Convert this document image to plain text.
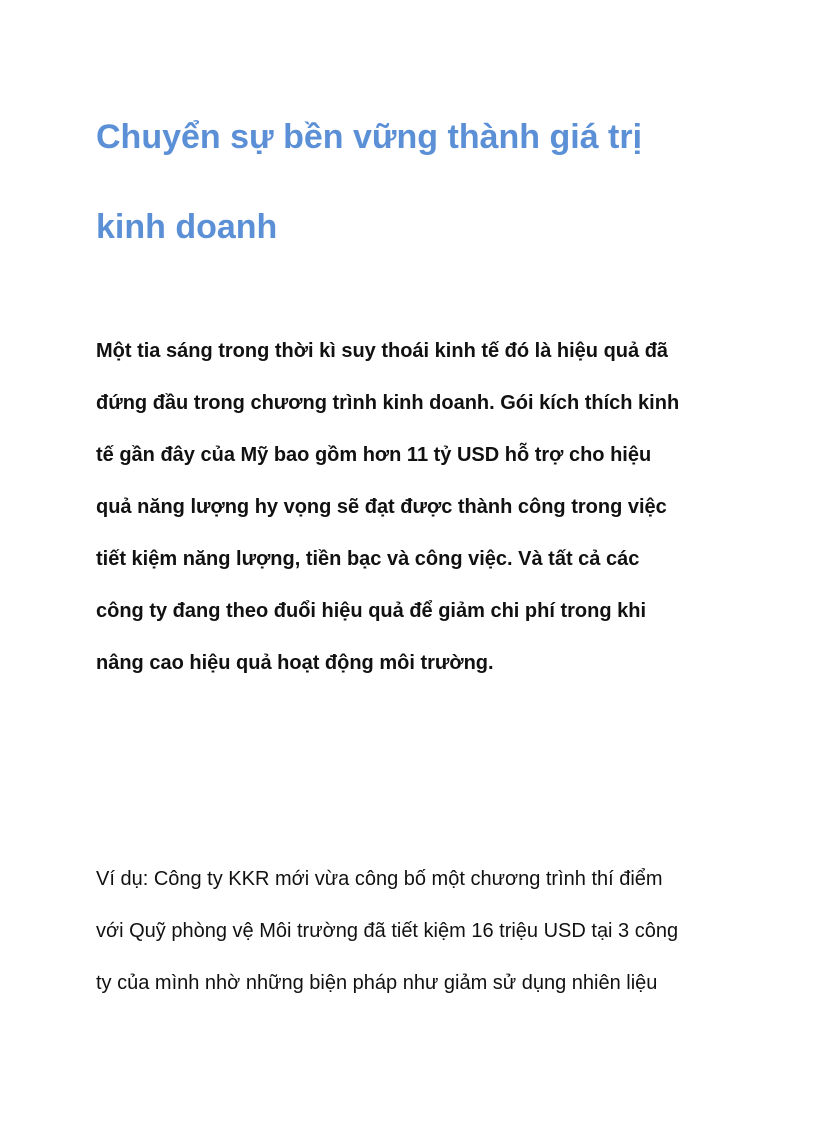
Chuyển sự bền vững thành giá trị
kinh doanh

Một tia sáng trong thời kì suy thoái kinh tế đó là hiệu quả đã
đứng đầu trong chương trình kinh doanh. Gói kích thích kinh
tế gần đây của Mỹ bao gồm hơn 11 tỷ USD hỗ trợ cho hiệu
quả năng lượng hy vọng sẽ đạt được thành công trong việc
tiết kiệm năng lượng, tiền bạc và công việc. Và tất cả các
công ty đang theo đuổi hiệu quả để giảm chi phí trong khi
nâng cao hiệu quả hoạt động môi trường.

Ví dụ: Công ty KKR mới vừa công bố một chương trình thí điểm
với Quỹ phòng vệ Môi trường đã tiết kiệm 16 triệu USD tại 3 công
ty của mình nhờ những biện pháp như giảm sử dụng nhiên liệu
